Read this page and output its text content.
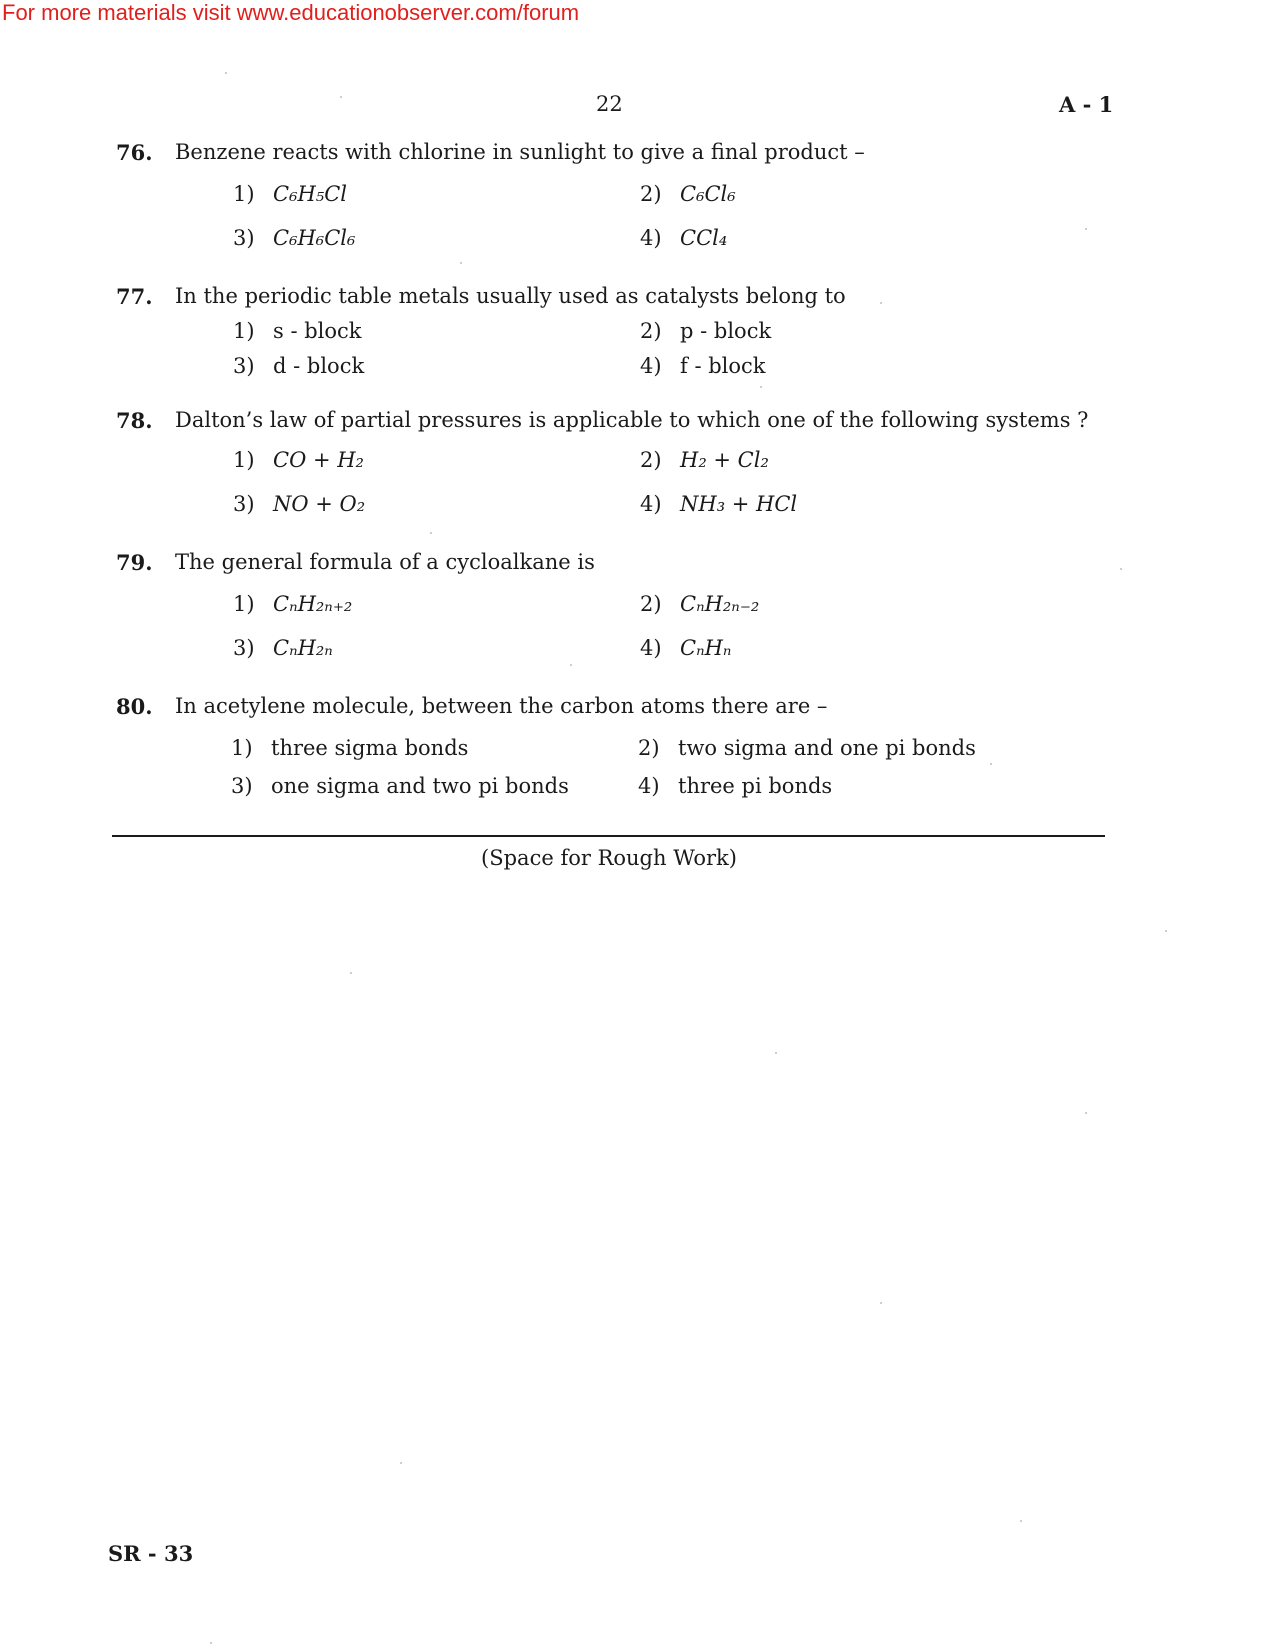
For more materials visit www.educationobserver.com/forum
22	A - 1
76. Benzene reacts with chlorine in sunlight to give a final product –
1) C₆H₅Cl	2) C₆Cl₆
3) C₆H₆Cl₆	4) CCl₄
77. In the periodic table metals usually used as catalysts belong to
1) s - block	2) p - block
3) d - block	4) f - block
78. Dalton’s law of partial pressures is applicable to which one of the following systems ?
1) CO + H₂	2) H₂ + Cl₂
3) NO + O₂	4) NH₃ + HCl
79. The general formula of a cycloalkane is
1) CₙH₂ₙ₊₂	2) CₙH₂ₙ₋₂
3) CₙH₂ₙ	4) CₙHₙ
80. In acetylene molecule, between the carbon atoms there are –
1) three sigma bonds	2) two sigma and one pi bonds
3) one sigma and two pi bonds	4) three pi bonds
(Space for Rough Work)
SR - 33
